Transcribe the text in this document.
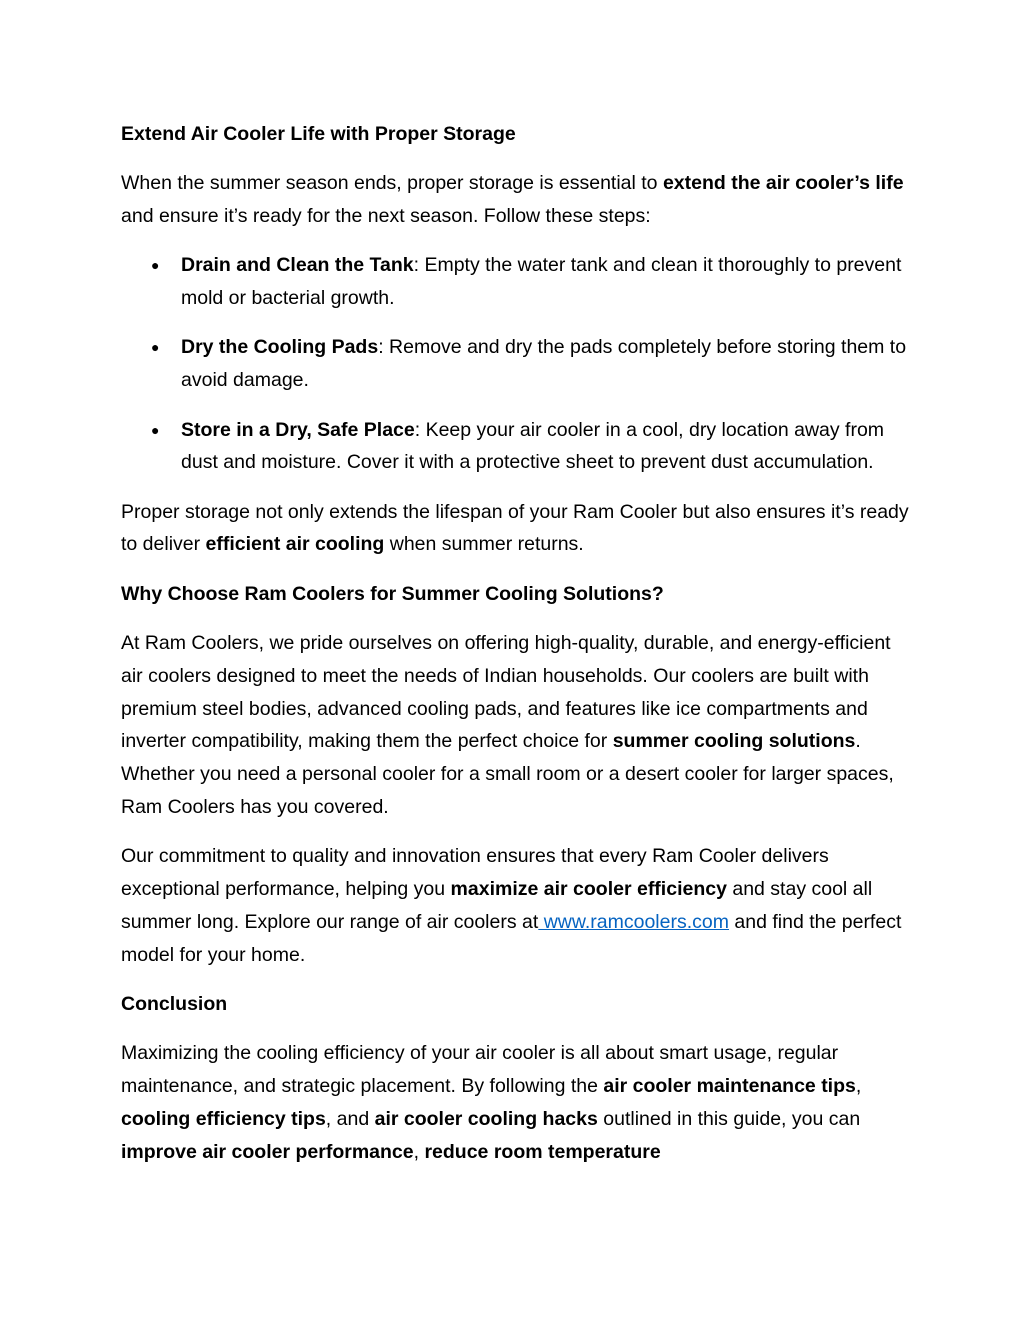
Extend Air Cooler Life with Proper Storage

When the summer season ends, proper storage is essential to extend the air cooler’s life and ensure it’s ready for the next season. Follow these steps:

● Drain and Clean the Tank: Empty the water tank and clean it thoroughly to prevent mold or bacterial growth.
● Dry the Cooling Pads: Remove and dry the pads completely before storing them to avoid damage.
● Store in a Dry, Safe Place: Keep your air cooler in a cool, dry location away from dust and moisture. Cover it with a protective sheet to prevent dust accumulation.

Proper storage not only extends the lifespan of your Ram Cooler but also ensures it’s ready to deliver efficient air cooling when summer returns.

Why Choose Ram Coolers for Summer Cooling Solutions?

At Ram Coolers, we pride ourselves on offering high-quality, durable, and energy-efficient air coolers designed to meet the needs of Indian households. Our coolers are built with premium steel bodies, advanced cooling pads, and features like ice compartments and inverter compatibility, making them the perfect choice for summer cooling solutions. Whether you need a personal cooler for a small room or a desert cooler for larger spaces, Ram Coolers has you covered.

Our commitment to quality and innovation ensures that every Ram Cooler delivers exceptional performance, helping you maximize air cooler efficiency and stay cool all summer long. Explore our range of air coolers at www.ramcoolers.com and find the perfect model for your home.

Conclusion

Maximizing the cooling efficiency of your air cooler is all about smart usage, regular maintenance, and strategic placement. By following the air cooler maintenance tips, cooling efficiency tips, and air cooler cooling hacks outlined in this guide, you can improve air cooler performance, reduce room temperature
